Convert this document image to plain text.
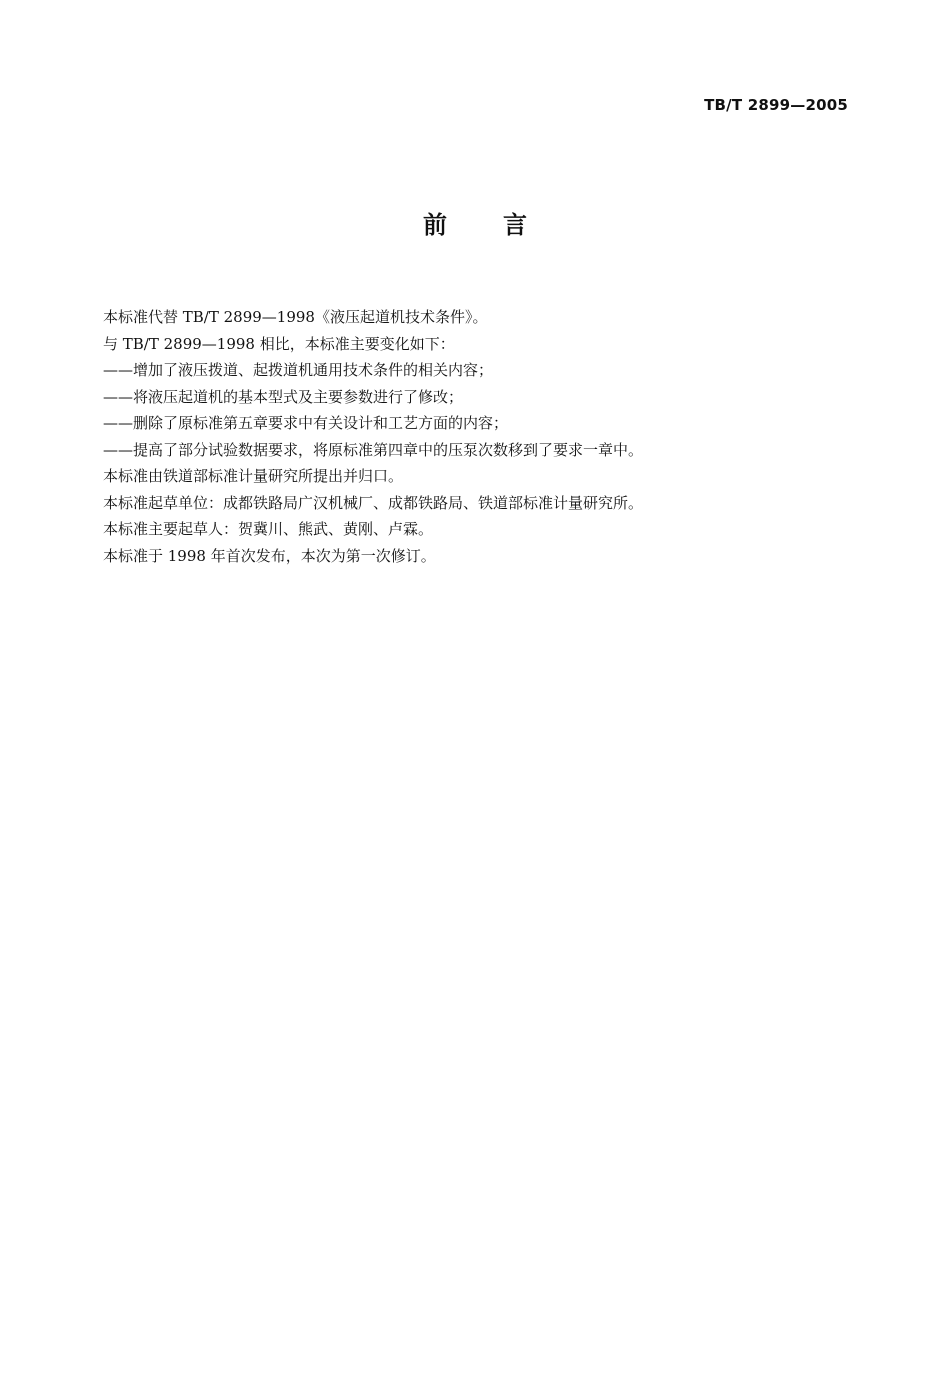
TB/T 2899—2005
前言

本标准代替 TB/T 2899—1998《液压起道机技术条件》。

与 TB/T 2899—1998 相比，本标准主要变化如下：

——增加了液压拨道、起拨道机通用技术条件的相关内容；

——将液压起道机的基本型式及主要参数进行了修改；

——删除了原标准第五章要求中有关设计和工艺方面的内容；

——提高了部分试验数据要求，将原标准第四章中的压泵次数移到了要求一章中。

本标准由铁道部标准计量研究所提出并归口。

本标准起草单位：成都铁路局广汉机械厂、成都铁路局、铁道部标准计量研究所。

本标准主要起草人：贺冀川、熊武、黄刚、卢霖。

本标准于 1998 年首次发布，本次为第一次修订。
